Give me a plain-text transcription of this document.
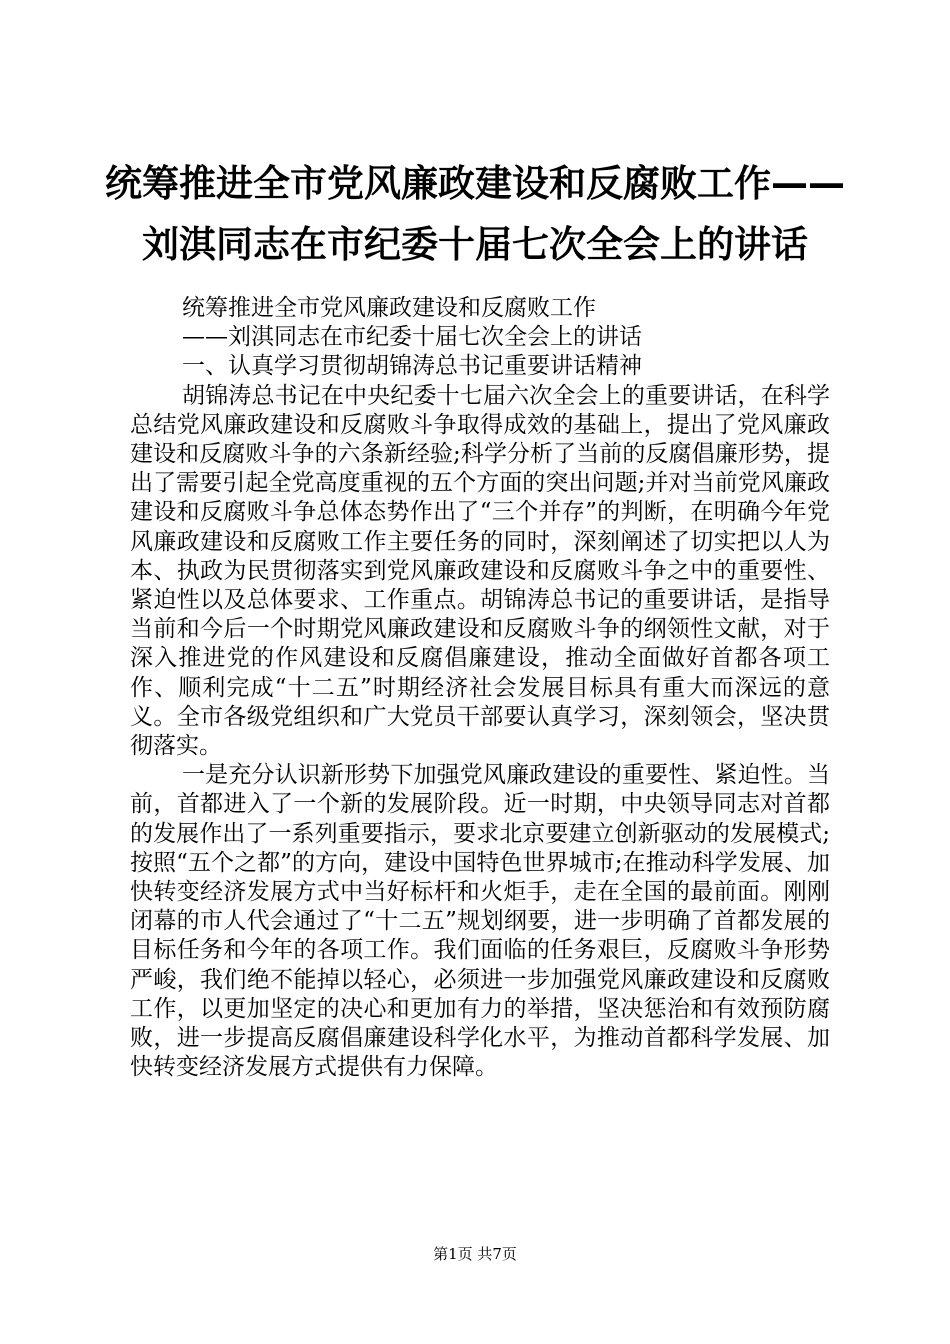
统筹推进全市党风廉政建设和反腐败工作——
刘淇同志在市纪委十届七次全会上的讲话

统筹推进全市党风廉政建设和反腐败工作

——刘淇同志在市纪委十届七次全会上的讲话

一、认真学习贯彻胡锦涛总书记重要讲话精神

胡锦涛总书记在中央纪委十七届六次全会上的重要讲话，在科学总结党风廉政建设和反腐败斗争取得成效的基础上，提出了党风廉政建设和反腐败斗争的六条新经验;科学分析了当前的反腐倡廉形势，提出了需要引起全党高度重视的五个方面的突出问题;并对当前党风廉政建设和反腐败斗争总体态势作出了“三个并存”的判断，在明确今年党风廉政建设和反腐败工作主要任务的同时，深刻阐述了切实把以人为本、执政为民贯彻落实到党风廉政建设和反腐败斗争之中的重要性、紧迫性以及总体要求、工作重点。胡锦涛总书记的重要讲话，是指导当前和今后一个时期党风廉政建设和反腐败斗争的纲领性文献，对于深入推进党的作风建设和反腐倡廉建设，推动全面做好首都各项工作、顺利完成“十二五”时期经济社会发展目标具有重大而深远的意义。全市各级党组织和广大党员干部要认真学习，深刻领会，坚决贯彻落实。

一是充分认识新形势下加强党风廉政建设的重要性、紧迫性。当前，首都进入了一个新的发展阶段。近一时期，中央领导同志对首都的发展作出了一系列重要指示，要求北京要建立创新驱动的发展模式;按照“五个之都”的方向，建设中国特色世界城市;在推动科学发展、加快转变经济发展方式中当好标杆和火炬手，走在全国的最前面。刚刚闭幕的市人代会通过了“十二五”规划纲要，进一步明确了首都发展的目标任务和今年的各项工作。我们面临的任务艰巨，反腐败斗争形势严峻，我们绝不能掉以轻心，必须进一步加强党风廉政建设和反腐败工作，以更加坚定的决心和更加有力的举措，坚决惩治和有效预防腐败，进一步提高反腐倡廉建设科学化水平，为推动首都科学发展、加快转变经济发展方式提供有力保障。

第1页 共7页
